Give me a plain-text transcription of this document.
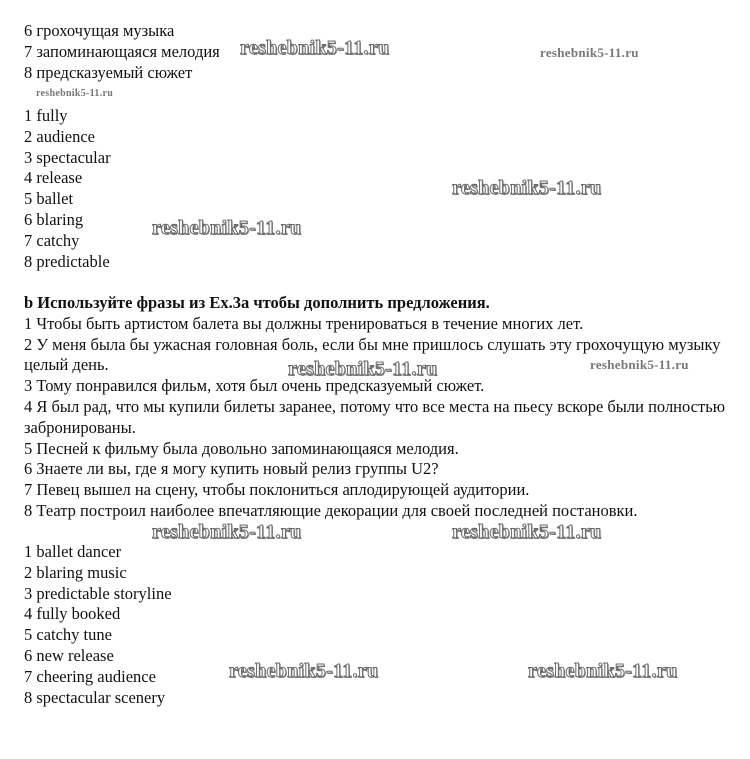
6 грохочущая музыка
7 запоминающаяся мелодия
8 предсказуемый сюжет
1 fully
2 audience
3 spectacular
4 release
5 ballet
6 blaring
7 catchy
8 predictable
b Используйте фразы из Ex.3a чтобы дополнить предложения.
1 Чтобы быть артистом балета вы должны тренироваться в течение многих лет.
2 У меня была бы ужасная головная боль, если бы мне пришлось слушать эту грохочущую музыку целый день.
3 Тому понравился фильм, хотя был очень предсказуемый сюжет.
4 Я был рад, что мы купили билеты заранее, потому что все места на пьесу вскоре были полностью забронированы.
5 Песней к фильму была довольно запоминающаяся мелодия.
6 Знаете ли вы, где я могу купить новый релиз группы U2?
7 Певец вышел на сцену, чтобы поклониться аплодирующей аудитории.
8 Театр построил наиболее впечатляющие декорации для своей последней постановки.
1 ballet dancer
2 blaring music
3 predictable storyline
4 fully booked
5 catchy tune
6 new release
7 cheering audience
8 spectacular scenery
reshebnik5-11.ru	reshebnik5-11.ru
reshebnik5-11.ru
reshebnik5-11.ru
reshebnik5-11.ru
reshebnik5-11.ru	reshebnik5-11.ru
reshebnik5-11.ru	reshebnik5-11.ru
reshebnik5-11.ru	reshebnik5-11.ru
